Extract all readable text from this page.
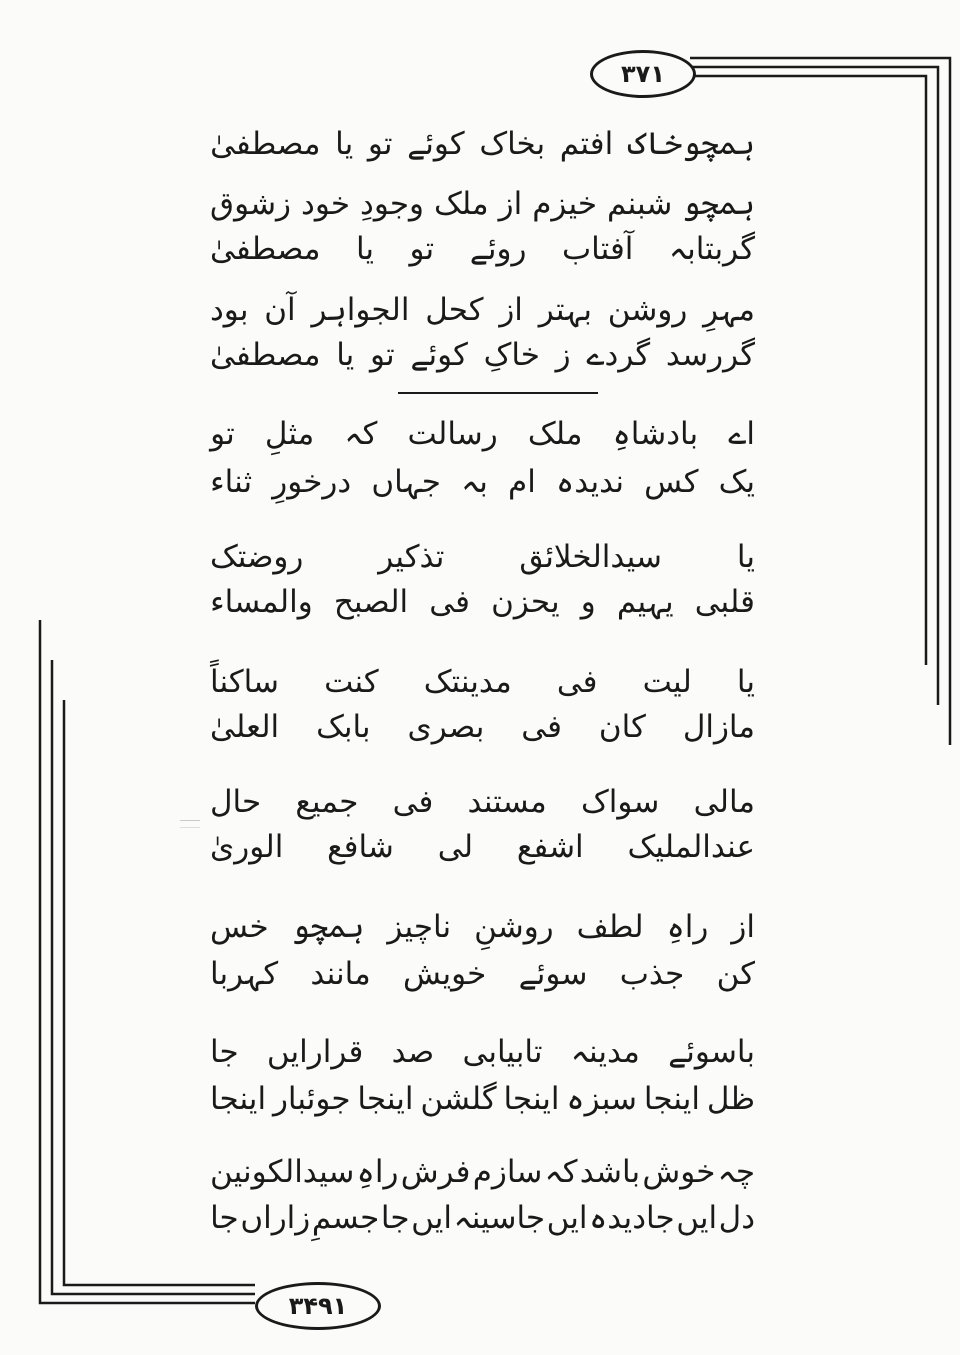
۳۷۱
۳۴۹۱
ہمچوخاک
افتم
بخاک
کوئے
تو
یا
مصطفیٰ
ہمچو
شبنم
خیزم
از
ملک
وجودِ
خود
زشوق
گربتابہ
آفتاب
روئے
تو
یا
مصطفیٰ
مہرِ
روشن
بہتر
از
کحل
الجواہر
آن
بود
گررسد
گردے
ز
خاکِ
کوئے
تو
یا
مصطفیٰ
اے
بادشاہِ
ملک
رسالت
کہ
مثلِ
تو
یک
کس
ندیدہ
ام
بہ
جہاں
درخورِ
ثناء
یا
سیدالخلائق
تذکیر
روضتک
قلبی
یہیم
و
یحزن
فی
الصبح
والمساء
یا
لیت
فی
مدینتک
کنت
ساکناً
مازال
کان
فی
بصری
بابک
العلیٰ
مالی
سواک
مستند
فی
جمیع
حال
عندالملیک
اشفع
لی
شافع
الوریٰ
از
راہِ
لطف
روشنِ
ناچیز
ہمچو
خس
کن
جذب
سوئے
خویش
مانند
کہربا
باسوئے
مدینہ
تابیابی
صد
قرارایں
جا
ظل
اینجا
سبزہ
اینجا
گلشن
اینجا
جوئبار
اینجا
چہ
خوش
باشد
کہ
سازم
فرش
راہِ
سیدالکونین
دل
ایں
جادیدہ
ایں
جاسینہ
ایں
جا
جسمِ
زاراں
جا
